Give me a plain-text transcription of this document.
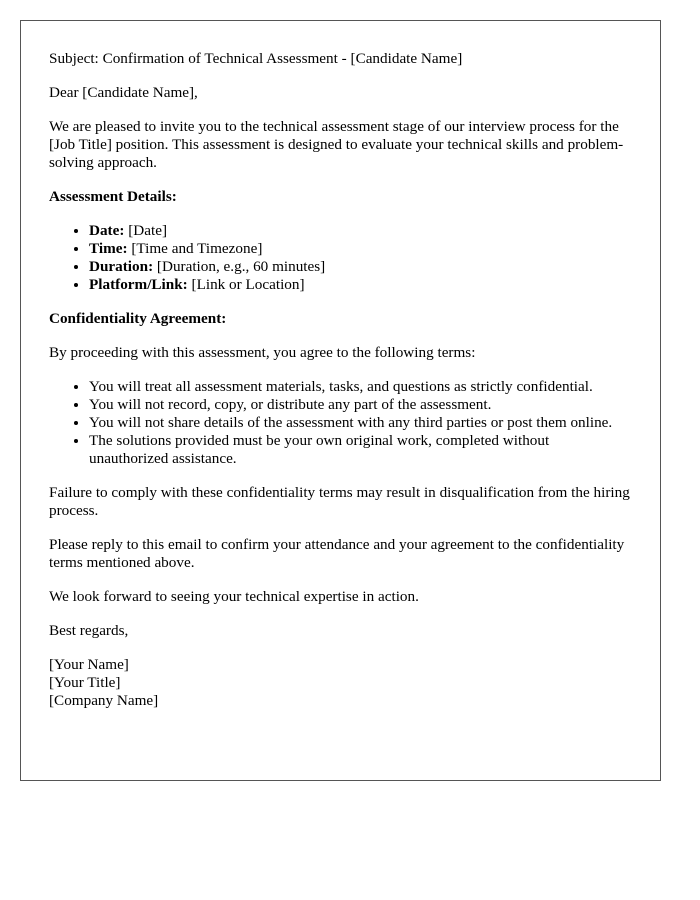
Subject: Confirmation of Technical Assessment - [Candidate Name]

Dear [Candidate Name],

We are pleased to invite you to the technical assessment stage of our interview process for the [Job Title] position. This assessment is designed to evaluate your technical skills and problem-solving approach.

Assessment Details:

• Date: [Date]
• Time: [Time and Timezone]
• Duration: [Duration, e.g., 60 minutes]
• Platform/Link: [Link or Location]

Confidentiality Agreement:

By proceeding with this assessment, you agree to the following terms:

• You will treat all assessment materials, tasks, and questions as strictly confidential.
• You will not record, copy, or distribute any part of the assessment.
• You will not share details of the assessment with any third parties or post them online.
• The solutions provided must be your own original work, completed without unauthorized assistance.

Failure to comply with these confidentiality terms may result in disqualification from the hiring process.

Please reply to this email to confirm your attendance and your agreement to the confidentiality terms mentioned above.

We look forward to seeing your technical expertise in action.

Best regards,

[Your Name]
[Your Title]
[Company Name]
